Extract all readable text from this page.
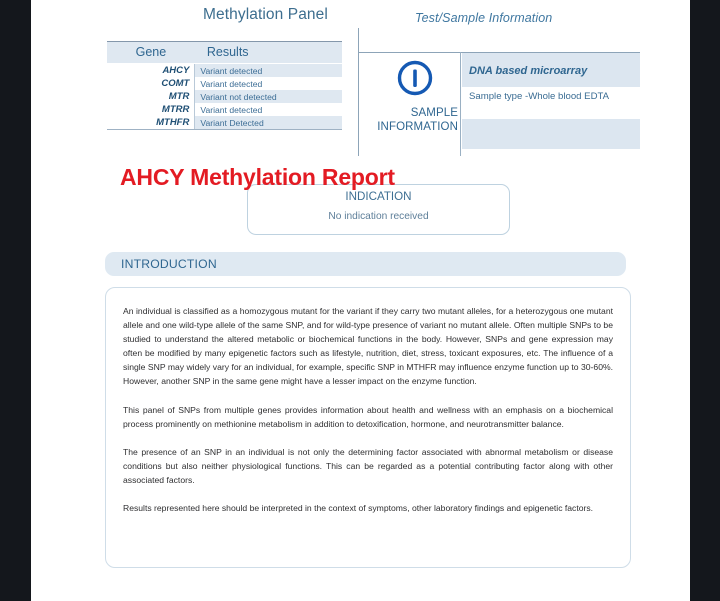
Methylation Panel
Gene	Results
AHCY	Variant detected
COMT	Variant detected
MTR	Variant not detected
MTRR	Variant detected
MTHFR	Variant Detected
Test/Sample Information
SAMPLE
INFORMATION
DNA based microarray
Sample type -Whole blood EDTA
INDICATION
No indication received
AHCY Methylation Report
INTRODUCTION

An individual is classified as a homozygous mutant for the variant if they carry two mutant alleles, for a heterozygous one mutant allele and one wild-type allele of the same SNP, and for wild-type presence of variant no mutant allele. Often multiple SNPs to be studied to understand the altered metabolic or biochemical functions in the body. However, SNPs and gene expression may often be modified by many epigenetic factors such as lifestyle, nutrition, diet, stress, toxicant exposures, etc. The influence of a single SNP may widely vary for an individual, for example, specific SNP in MTHFR may influence enzyme function up to 30-60%. However, another SNP in the same gene might have a lesser impact on the enzyme function.

This panel of SNPs from multiple genes provides information about health and wellness with an emphasis on a biochemical process prominently on methionine metabolism in addition to detoxification, hormone, and neurotransmitter balance.

The presence of an SNP in an individual is not only the determining factor associated with abnormal metabolism or disease conditions but also neither physiological functions. This can be regarded as a potential contributing factor along with other associated factors.

Results represented here should be interpreted in the context of symptoms, other laboratory findings and epigenetic factors.
